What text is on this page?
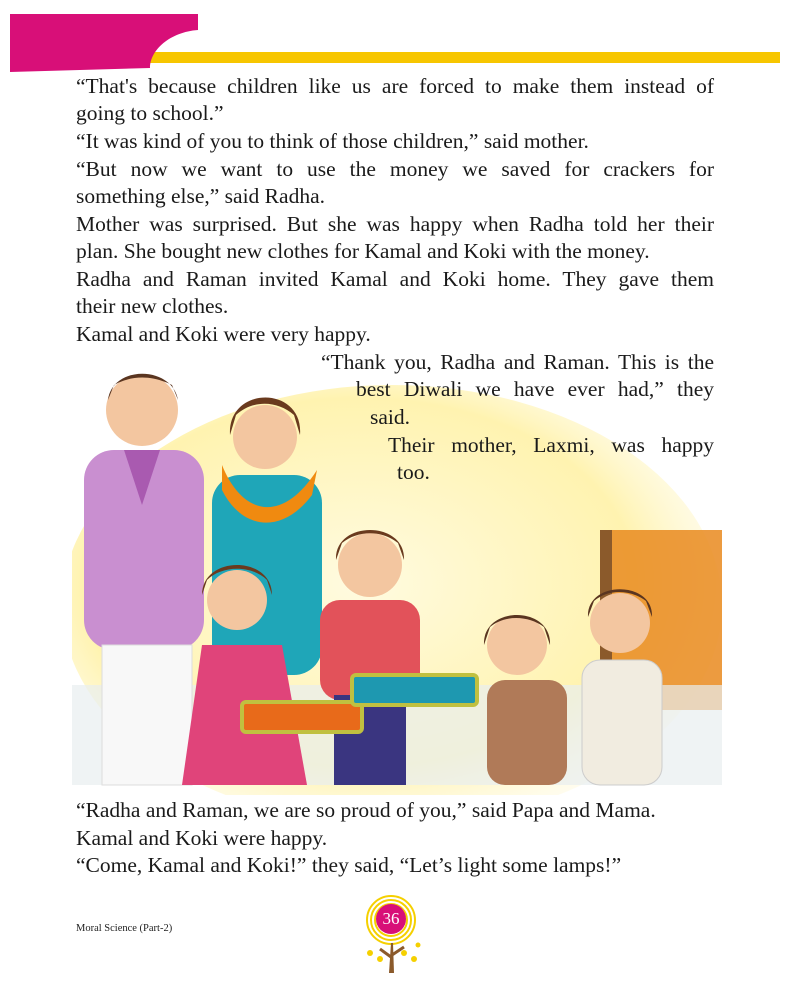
“That's because children like us are forced to make them instead of

going to school.”

“It was kind of you to think of those children,” said mother.

“But now we want to use the money we saved for crackers for

something else,” said Radha.

Mother was surprised. But she was happy when Radha told her their

plan. She bought new clothes for Kamal and Koki with the money.

Radha and Raman invited Kamal and Koki home. They gave them

their new clothes.

Kamal and Koki were very happy.

“Thank you, Radha and Raman. This is the

best Diwali we have ever had,” they

said.

Their mother, Laxmi, was happy

too.

“Radha and Raman, we are so proud of you,” said Papa and Mama.

Kamal and Koki were happy.

“Come, Kamal and Koki!” they said, “Let’s light some lamps!”

Moral Science (Part-2)
36
